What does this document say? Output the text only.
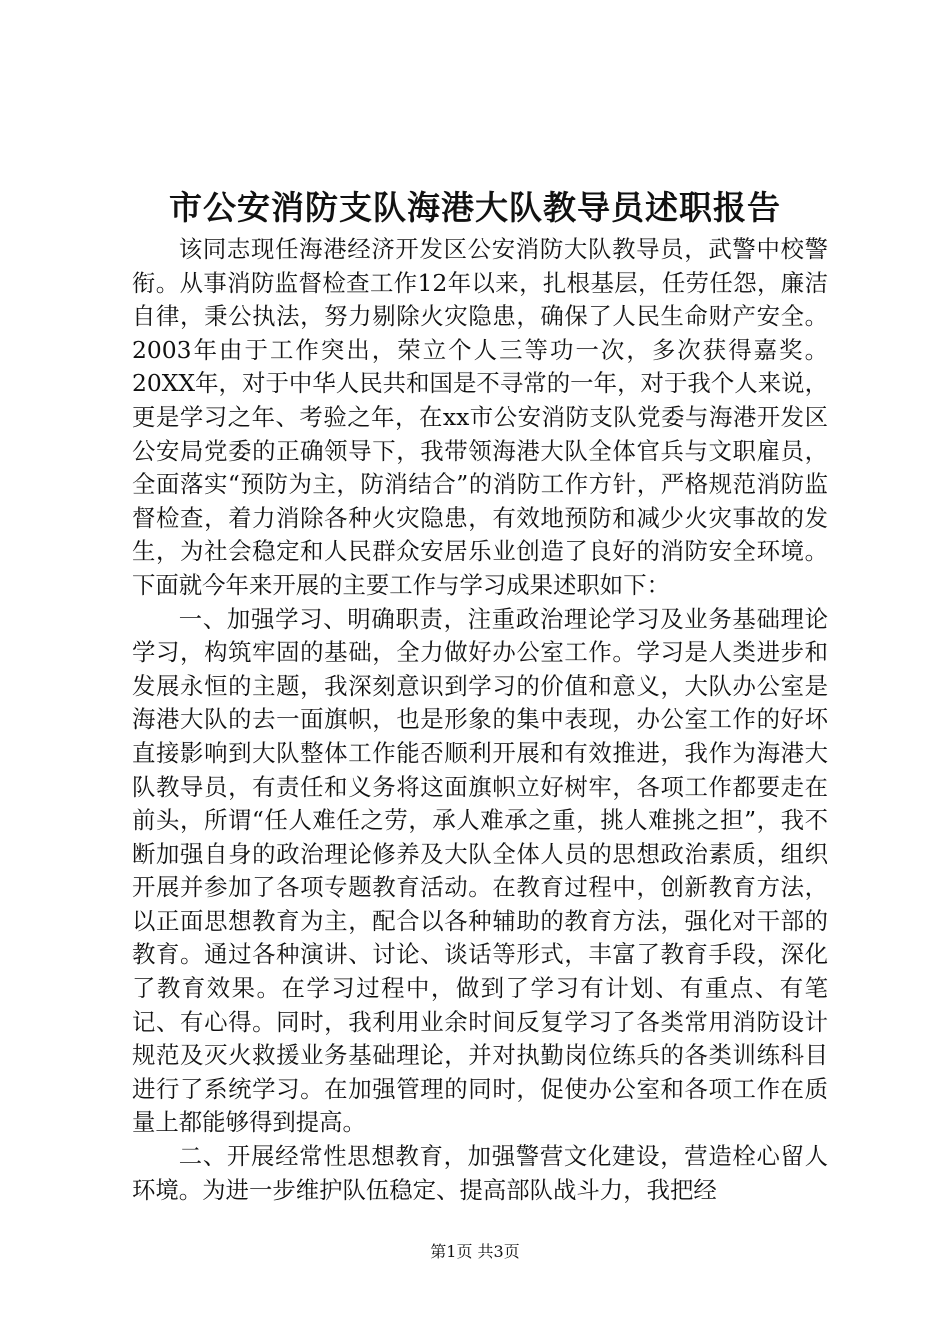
市公安消防支队海港大队教导员述职报告

该同志现任海港经济开发区公安消防大队教导员，武警中校警衔。从事消防监督检查工作12年以来，扎根基层，任劳任怨，廉洁自律，秉公执法，努力剔除火灾隐患，确保了人民生命财产安全。2003年由于工作突出，荣立个人三等功一次，多次获得嘉奖。20XX年，对于中华人民共和国是不寻常的一年，对于我个人来说，更是学习之年、考验之年，在xx市公安消防支队党委与海港开发区公安局党委的正确领导下，我带领海港大队全体官兵与文职雇员，全面落实“预防为主，防消结合”的消防工作方针，严格规范消防监督检查，着力消除各种火灾隐患，有效地预防和减少火灾事故的发生，为社会稳定和人民群众安居乐业创造了良好的消防安全环境。下面就今年来开展的主要工作与学习成果述职如下：

一、加强学习、明确职责，注重政治理论学习及业务基础理论学习，构筑牢固的基础，全力做好办公室工作。学习是人类进步和发展永恒的主题，我深刻意识到学习的价值和意义，大队办公室是海港大队的去一面旗帜，也是形象的集中表现，办公室工作的好坏直接影响到大队整体工作能否顺利开展和有效推进，我作为海港大队教导员，有责任和义务将这面旗帜立好树牢，各项工作都要走在前头，所谓“任人难任之劳，承人难承之重，挑人难挑之担”，我不断加强自身的政治理论修养及大队全体人员的思想政治素质，组织开展并参加了各项专题教育活动。在教育过程中，创新教育方法，以正面思想教育为主，配合以各种辅助的教育方法，强化对干部的教育。通过各种演讲、讨论、谈话等形式，丰富了教育手段，深化了教育效果。在学习过程中，做到了学习有计划、有重点、有笔记、有心得。同时，我利用业余时间反复学习了各类常用消防设计规范及灭火救援业务基础理论，并对执勤岗位练兵的各类训练科目进行了系统学习。在加强管理的同时，促使办公室和各项工作在质量上都能够得到提高。

二、开展经常性思想教育，加强警营文化建设，营造栓心留人环境。为进一步维护队伍稳定、提高部队战斗力，我把经

第1页 共3页
